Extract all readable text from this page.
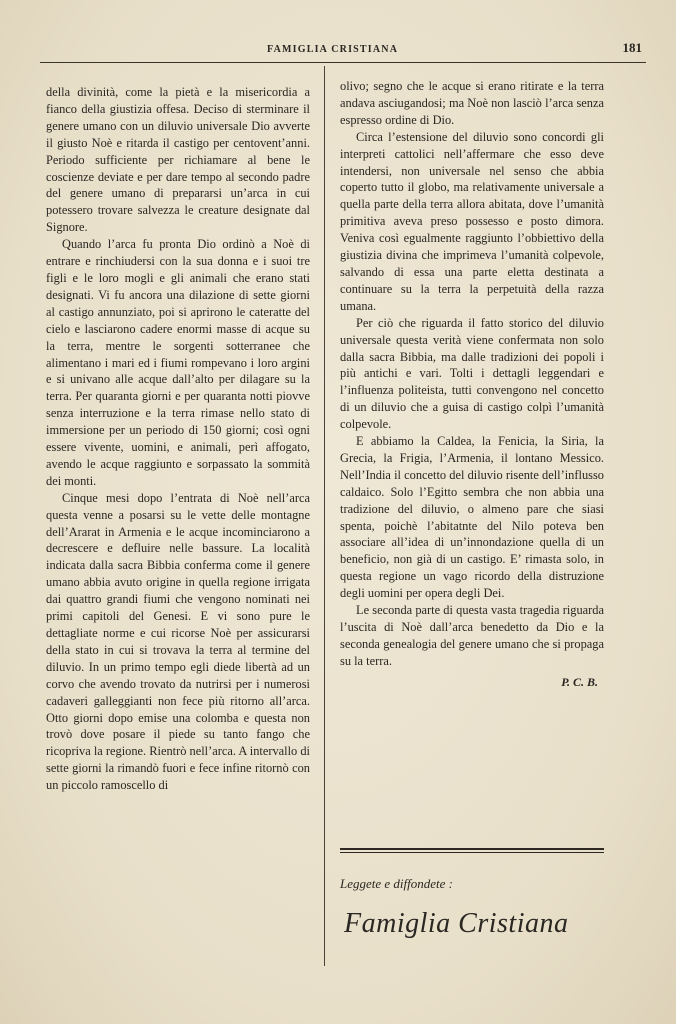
FAMIGLIA CRISTIANA	181

della divinità, come la pietà e la misericordia a fianco della giustizia offesa. Deciso di sterminare il genere umano con un diluvio universale Dio avverte il giusto Noè e ritarda il castigo per centovent’anni. Periodo sufficiente per richiamare al bene le coscienze deviate e per dare tempo al secondo padre del genere umano di prepararsi un’arca in cui potessero trovare salvezza le creature designate dal Signore.

Quando l’arca fu pronta Dio ordinò a Noè di entrare e rinchiudersi con la sua donna e i suoi tre figli e le loro mogli e gli animali che erano stati designati. Vi fu ancora una dilazione di sette giorni al castigo annunziato, poi si aprirono le cateratte del cielo e lasciarono cadere enormi masse di acque su la terra, mentre le sorgenti sotterranee che alimentano i mari ed i fiumi rompevano i loro argini e si univano alle acque dall’alto per dilagare su la terra. Per quaranta giorni e per quaranta notti piovve senza interruzione e la terra rimase nello stato di immersione per un periodo di 150 giorni; così ogni essere vivente, uomini, e animali, perì affogato, avendo le acque raggiunto e sorpassato la sommità dei monti.

Cinque mesi dopo l’entrata di Noè nell’arca questa venne a posarsi su le vette delle montagne dell’Ararat in Armenia e le acque incominciarono a decrescere e defluire nelle bassure. La località indicata dalla sacra Bibbia conferma come il genere umano abbia avuto origine in quella regione irrigata dai quattro grandi fiumi che vengono nominati nei primi capitoli del Genesi. E vi sono pure le dettagliate norme e cui ricorse Noè per assicurarsi della stato in cui si trovava la terra al termine del diluvio. In un primo tempo egli diede libertà ad un corvo che avendo trovato da nutrirsi per i numerosi cadaveri galleggianti non fece più ritorno all’arca. Otto giorni dopo emise una colomba e questa non trovò dove posare il piede su tanto fango che ricopriva la regione. Rientrò nell’arca. A intervallo di sette giorni la rimandò fuori e fece infine ritornò con un piccolo ramoscello di

olivo; segno che le acque si erano ritirate e la terra andava asciugandosi; ma Noè non lasciò l’arca senza espresso ordine di Dio.

Circa l’estensione del diluvio sono concordi gli interpreti cattolici nell’affermare che esso deve intendersi, non universale nel senso che abbia coperto tutto il globo, ma relativamente universale a quella parte della terra allora abitata, dove l’umanità primitiva aveva preso possesso e posto dimora. Veniva così egualmente raggiunto l’obbiettivo della giustizia divina che imprimeva l’umanità colpevole, salvando di essa una parte eletta destinata a continuare su la terra la perpetuità della razza umana.

Per ciò che riguarda il fatto storico del diluvio universale questa verità viene confermata non solo dalla sacra Bibbia, ma dalle tradizioni dei popoli i più antichi e vari. Tolti i dettagli leggendari e l’influenza politeista, tutti convengono nel concetto di un diluvio che a guisa di castigo colpì l’umanità colpevole.

E abbiamo la Caldea, la Fenicia, la Siria, la Grecia, la Frigia, l’Armenia, il lontano Messico. Nell’India il concetto del diluvio risente dell’influsso caldaico. Solo l’Egitto sembra che non abbia una tradizione del diluvio, o almeno pare che siasi spenta, poichè l’abitatnte del Nilo poteva ben associare all’idea di un’innondazione quella di un beneficio, non già di un castigo. E’ rimasta solo, in questa regione un vago ricordo della distruzione degli uomini per opera degli Dei.

Le seconda parte di questa vasta tragedia riguarda l’uscita di Noè dall’arca benedetto da Dio e la seconda genealogia del genere umano che si propaga su la terra.

P. C. B.
Leggete e diffondete :
Famiglia Cristiana
